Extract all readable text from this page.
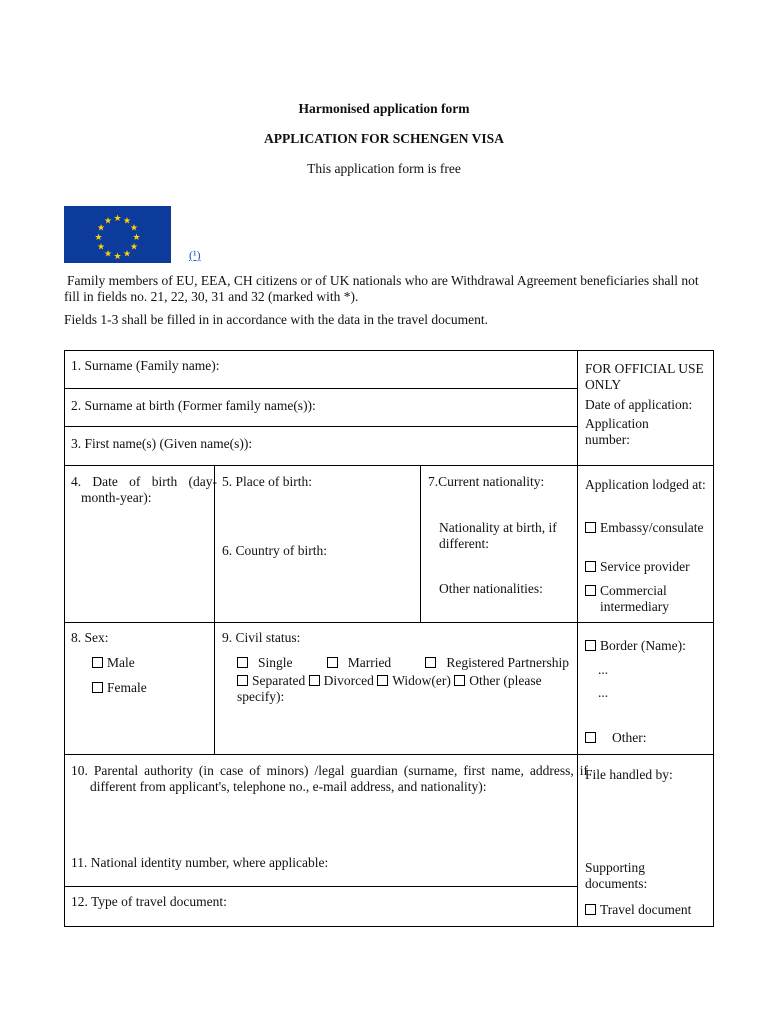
Harmonised application form
APPLICATION FOR SCHENGEN VISA
This application form is free
★ ★
★
★
★
★
★
★
★
★
★
★
(¹)
Family members of EU, EEA, CH citizens or of UK nationals who are Withdrawal Agreement beneficiaries shall not fill in fields no. 21, 22, 30, 31 and 32 (marked with *).
Fields 1-3 shall be filled in in accordance with the data in the travel document.
1. Surname (Family name):
2. Surname at birth (Former family name(s)):
3. First name(s) (Given name(s)):
4. Date of birth (day-month-year):
5. Place of birth:
6. Country of birth:
7.Current nationality:
Nationality at birth, if different:
Other nationalities:
8. Sex:
Male
Female
9. Civil status:
Single	Married	Registered Partnership
Separated Divorced Widow(er) Other (please specify):
10. Parental authority (in case of minors) /legal guardian (surname, first name, address, if different from applicant's, telephone no., e-mail address, and nationality):
11. National identity number, where applicable:
12. Type of travel document:
FOR OFFICIAL USE ONLY
Date of application:
Application number:
Application lodged at:
Embassy/consulate
Service provider
Commercial intermediary
Border (Name):
...
...
Other:
File handled by:
Supporting documents:
Travel document
